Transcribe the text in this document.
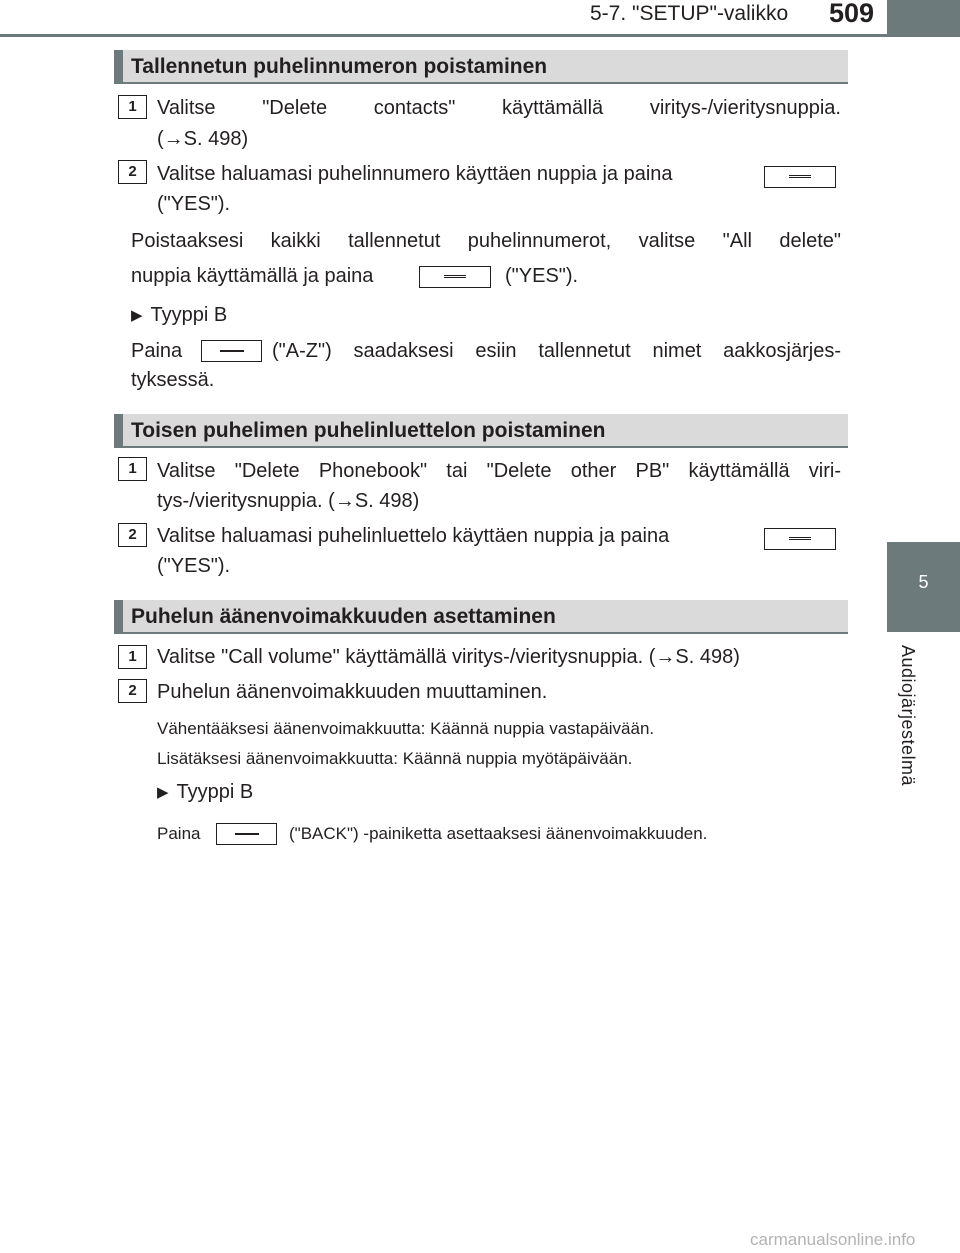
5-7. "SETUP"-valikko 509
5
Audiojärjestelmä
Tallennetun puhelinnumeron poistaminen
1	Valitse "Delete contacts" käyttämällä viritys-/vieritysnuppia.
(→S. 498)
2	Valitse haluamasi puhelinnumero käyttäen nuppia ja paina
("YES").
Poistaaksesi kaikki tallennetut puhelinnumerot, valitse "All delete"
nuppia käyttämällä ja paina	("YES").
▶ Tyyppi B
Paina	("A-Z") saadaksesi esiin tallennetut nimet aakkosjärjes-
tyksessä.
Toisen puhelimen puhelinluettelon poistaminen
1	Valitse "Delete Phonebook" tai "Delete other PB" käyttämällä viri-
tys-/vieritysnuppia. (→S. 498)
2	Valitse haluamasi puhelinluettelo käyttäen nuppia ja paina
("YES").
Puhelun äänenvoimakkuuden asettaminen
1	Valitse "Call volume" käyttämällä viritys-/vieritysnuppia. (→S. 498)
2	Puhelun äänenvoimakkuuden muuttaminen.
Vähentääksesi äänenvoimakkuutta: Käännä nuppia vastapäivään.
Lisätäksesi äänenvoimakkuutta: Käännä nuppia myötäpäivään.
▶ Tyyppi B
Paina	("BACK") -painiketta asettaaksesi äänenvoimakkuuden.
carmanualsonline.info
